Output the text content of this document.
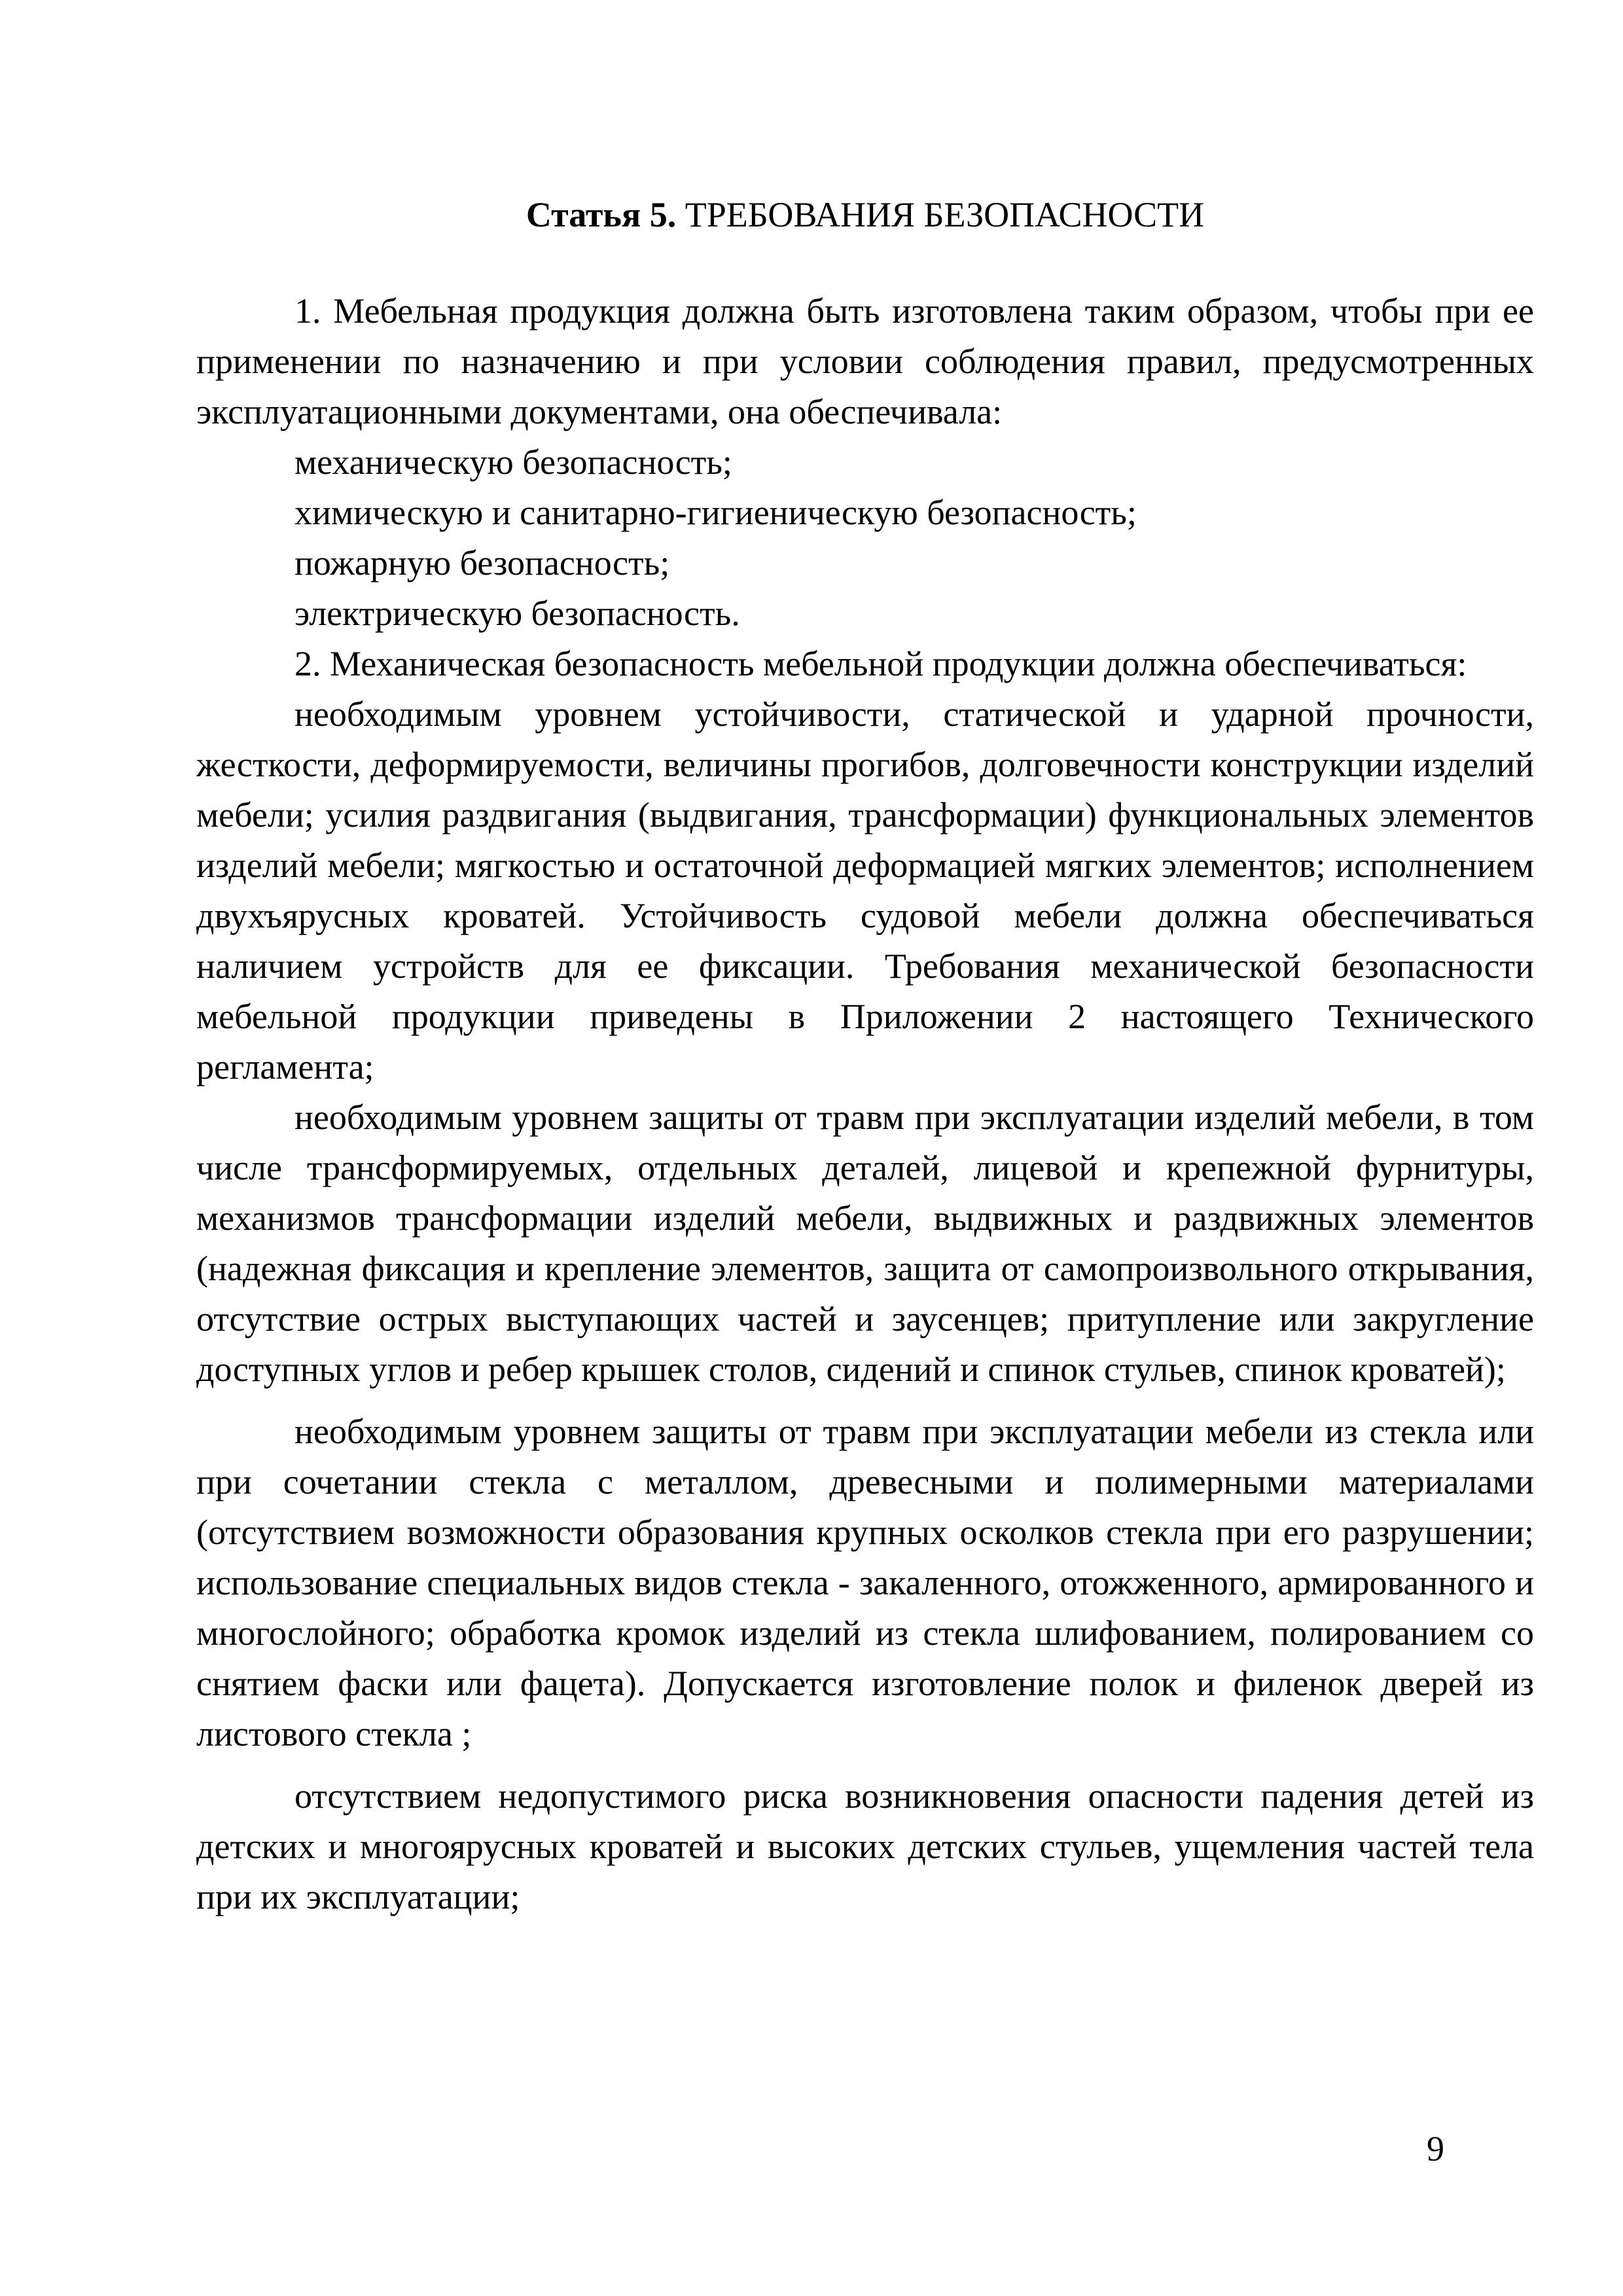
Статья 5. ТРЕБОВАНИЯ БЕЗОПАСНОСТИ

1. Мебельная продукция должна быть изготовлена таким образом, чтобы при ее применении по назначению и при условии соблюдения правил, предусмотренных эксплуатационными документами, она обеспечивала:

механическую безопасность;

химическую и санитарно-гигиеническую безопасность;

пожарную безопасность;

электрическую безопасность.

2. Механическая безопасность мебельной продукции должна обеспечиваться:

необходимым уровнем устойчивости, статической и ударной прочности, жесткости, деформируемости, величины прогибов, долговечности конструкции изделий мебели; усилия раздвигания (выдвигания, трансформации) функциональных элементов изделий мебели; мягкостью и остаточной деформацией мягких элементов; исполнением двухъярусных кроватей. Устойчивость судовой мебели должна обеспечиваться наличием устройств для ее фиксации. Требования механической безопасности мебельной продукции приведены в Приложении 2 настоящего Технического регламента;

необходимым уровнем защиты от травм при эксплуатации изделий мебели, в том числе трансформируемых, отдельных деталей, лицевой и крепежной фурнитуры, механизмов трансформации изделий мебели, выдвижных и раздвижных элементов (надежная фиксация и крепление элементов, защита от самопроизвольного открывания, отсутствие острых выступающих частей и заусенцев; притупление или закругление доступных углов и ребер крышек столов, сидений и спинок стульев, спинок кроватей);

необходимым уровнем защиты от травм при эксплуатации мебели из стекла или при сочетании стекла с металлом, древесными и полимерными материалами (отсутствием возможности образования крупных осколков стекла при его разрушении; использование специальных видов стекла - закаленного, отожженного, армированного и многослойного; обработка кромок изделий из стекла шлифованием, полированием со снятием фаски или фацета). Допускается изготовление полок и филенок дверей из листового стекла ;

отсутствием недопустимого риска возникновения опасности падения детей из детских и многоярусных кроватей и высоких детских стульев, ущемления частей тела при их эксплуатации;

9
